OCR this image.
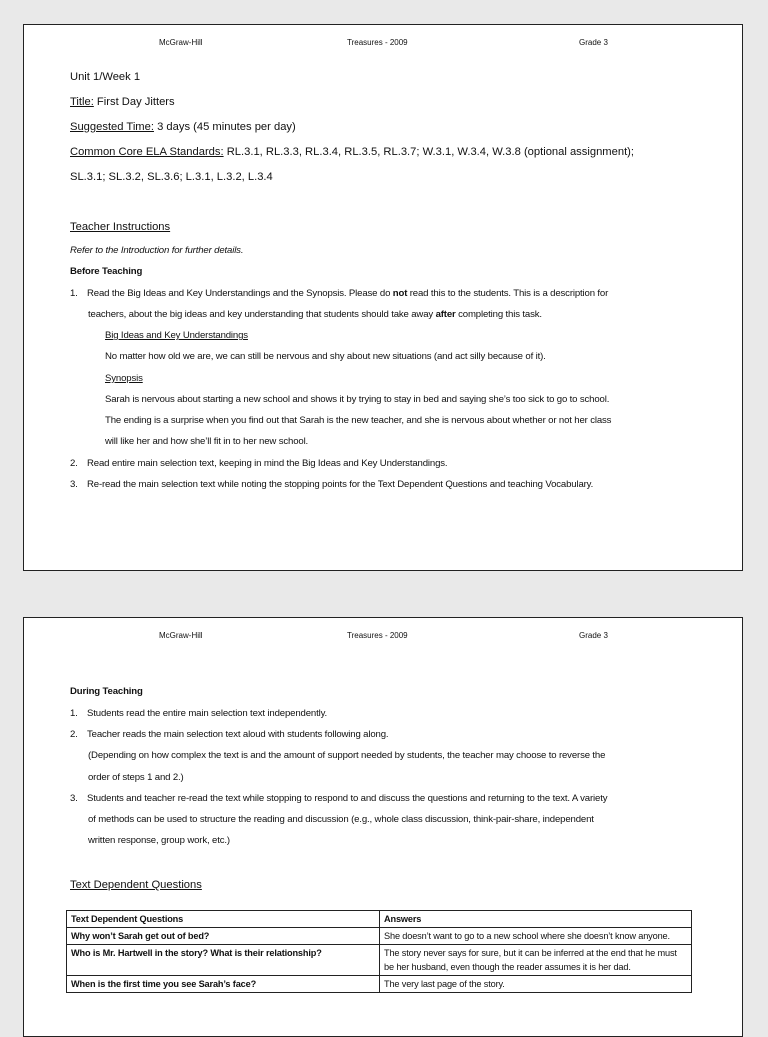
McGraw-Hill	Treasures - 2009	Grade 3
Unit 1/Week 1
Title: First Day Jitters
Suggested Time: 3 days (45 minutes per day)
Common Core ELA Standards: RL.3.1, RL.3.3, RL.3.4, RL.3.5, RL.3.7; W.3.1, W.3.4, W.3.8 (optional assignment);
SL.3.1; SL.3.2, SL.3.6; L.3.1, L.3.2, L.3.4
Teacher Instructions
Refer to the Introduction for further details.
Before Teaching
1. Read the Big Ideas and Key Understandings and the Synopsis. Please do not read this to the students. This is a description for
teachers, about the big ideas and key understanding that students should take away after completing this task.
Big Ideas and Key Understandings
No matter how old we are, we can still be nervous and shy about new situations (and act silly because of it).
Synopsis
Sarah is nervous about starting a new school and shows it by trying to stay in bed and saying she’s too sick to go to school.
The ending is a surprise when you find out that Sarah is the new teacher, and she is nervous about whether or not her class
will like her and how she’ll fit in to her new school.
2. Read entire main selection text, keeping in mind the Big Ideas and Key Understandings.
3. Re-read the main selection text while noting the stopping points for the Text Dependent Questions and teaching Vocabulary.
McGraw-Hill	Treasures - 2009	Grade 3
During Teaching
1. Students read the entire main selection text independently.
2. Teacher reads the main selection text aloud with students following along.
(Depending on how complex the text is and the amount of support needed by students, the teacher may choose to reverse the
order of steps 1 and 2.)
3. Students and teacher re-read the text while stopping to respond to and discuss the questions and returning to the text. A variety
of methods can be used to structure the reading and discussion (e.g., whole class discussion, think-pair-share, independent
written response, group work, etc.)
Text Dependent Questions
Text Dependent Questions	Answers
Why won’t Sarah get out of bed?	She doesn’t want to go to a new school where she doesn’t know anyone.
Who is Mr. Hartwell in the story? What is their relationship?	The story never says for sure, but it can be inferred at the end that he must be her husband, even though the reader assumes it is her dad.
When is the first time you see Sarah’s face?	The very last page of the story.
